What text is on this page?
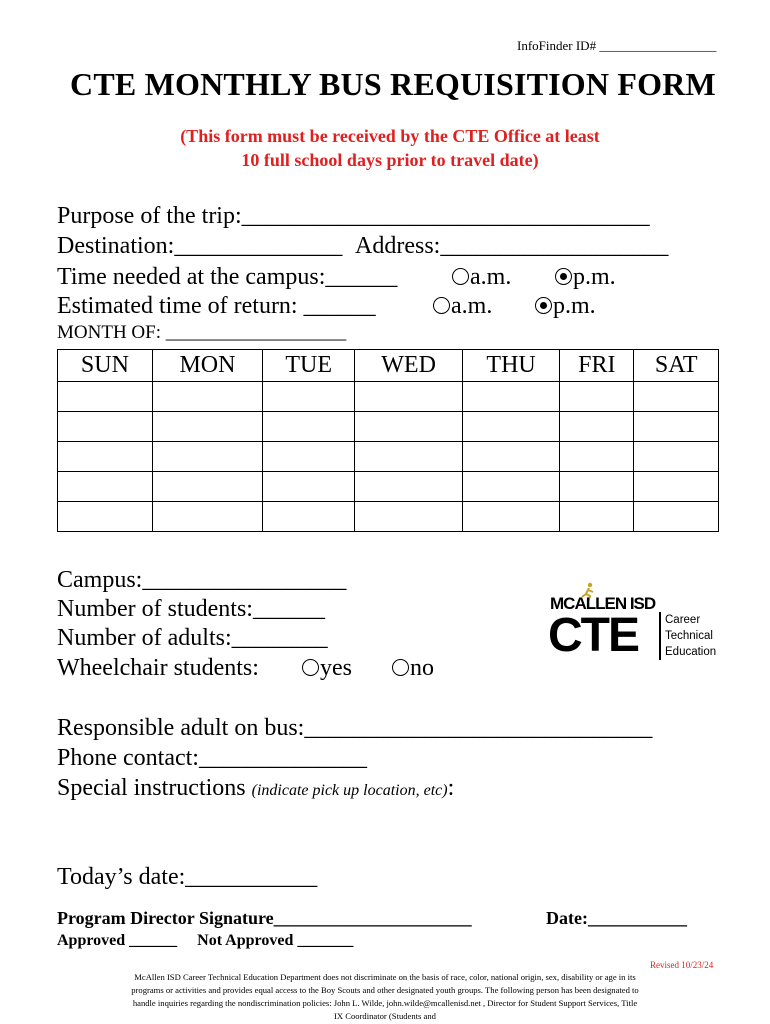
InfoFinder ID# __________________
CTE MONTHLY BUS REQUISITION FORM
(This form must be received by the CTE Office at least
10 full school days prior to travel date)
Purpose of the trip:__________________________________
Destination:______________ Address:___________________
Time needed at the campus:______	a.m.	p.m.
Estimated time of return: ______	a.m.	p.m.
MONTH OF: ___________________
SUN	MON	TUE	WED	THU	FRI	SAT

Campus:_________________
Number of students:______
Number of adults:________
Wheelchair students:	yes	no
MCALLEN ISD
CTE Career
Technical
Education
Responsible adult on bus:_____________________________
Phone contact:______________
Special instructions (indicate pick up location, etc):
Today’s date:___________
Program Director Signature______________________	Date:___________
Approved ______ Not Approved _______
Revised 10/23/24
McAllen ISD Career Technical Education Department does not discriminate on the basis of race, color, national origin, sex, disability or age in its programs or activities and provides equal access to the Boy Scouts and other designated youth groups. The following person has been designated to handle inquiries regarding the nondiscrimination policies: John L. Wilde, john.wilde@mcallenisd.net , Director for Student Support Services, Title IX Coordinator (Students and
